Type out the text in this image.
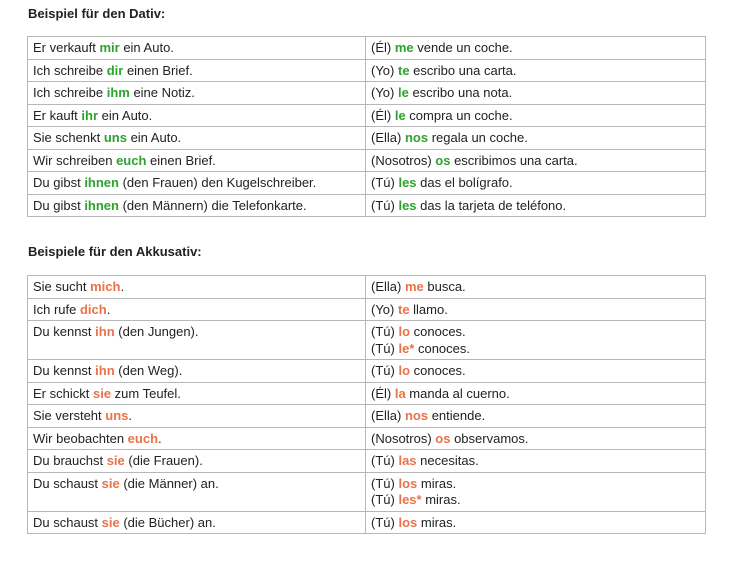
Beispiel für den Dativ:
Er verkauft mir ein Auto.	(Él) me vende un coche.

Ich schreibe dir einen Brief.	(Yo) te escribo una carta.

Ich schreibe ihm eine Notiz.	(Yo) le escribo una nota.

Er kauft ihr ein Auto.	(Él) le compra un coche.

Sie schenkt uns ein Auto.	(Ella) nos regala un coche.

Wir schreiben euch einen Brief.	(Nosotros) os escribimos una carta.

Du gibst ihnen (den Frauen) den Kugelschreiber.	(Tú) les das el bolígrafo.

Du gibst ihnen (den Männern) die Telefonkarte.	(Tú) les das la tarjeta de teléfono.
Beispiele für den Akkusativ:
Sie sucht mich.	(Ella) me busca.

Ich rufe dich.	(Yo) te llamo.

Du kennst ihn (den Jungen).	(Tú) lo conoces.
(Tú) le* conoces.

Du kennst ihn (den Weg).	(Tú) lo conoces.

Er schickt sie zum Teufel.	(Él) la manda al cuerno.

Sie versteht uns.	(Ella) nos entiende.

Wir beobachten euch.	(Nosotros) os observamos.

Du brauchst sie (die Frauen).	(Tú) las necesitas.

Du schaust sie (die Männer) an.	(Tú) los miras.
(Tú) les* miras.

Du schaust sie (die Bücher) an.	(Tú) los miras.
